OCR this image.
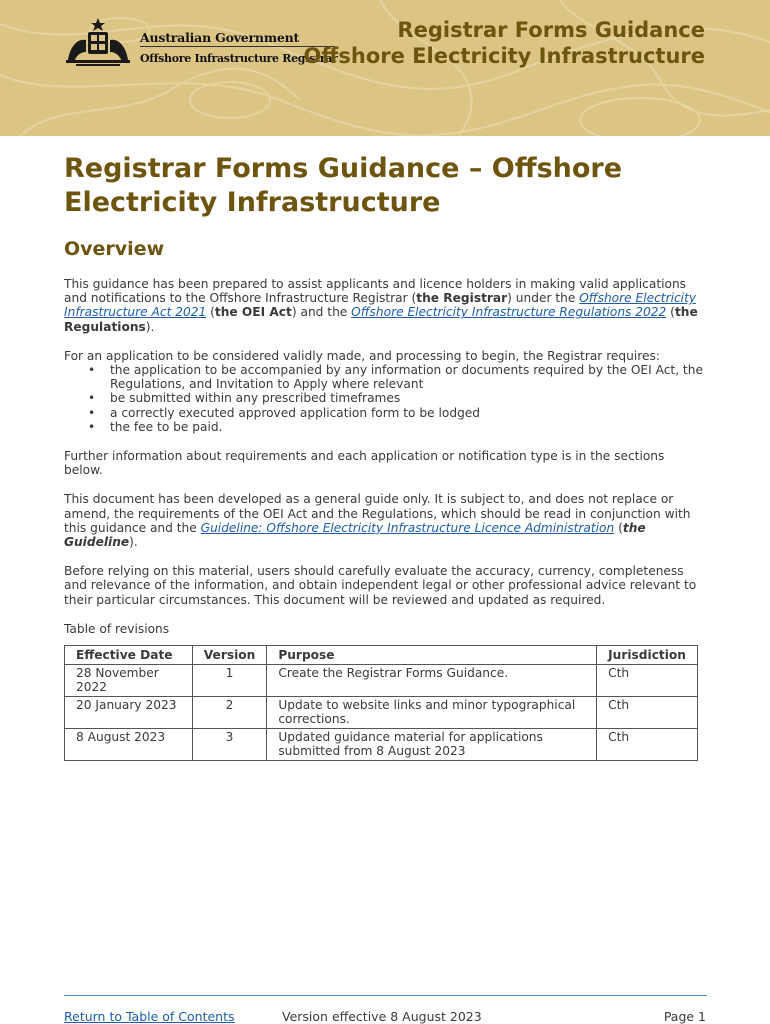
Australian Government
Offshore Infrastructure Registrar
Registrar Forms Guidance
Offshore Electricity Infrastructure
Registrar Forms Guidance – Offshore Electricity Infrastructure
Overview

This guidance has been prepared to assist applicants and licence holders in making valid applications and notifications to the Offshore Infrastructure Registrar (the Registrar) under the Offshore Electricity Infrastructure Act 2021 (the OEI Act) and the Offshore Electricity Infrastructure Regulations 2022 (the Regulations).

For an application to be considered validly made, and processing to begin, the Registrar requires:

• the application to be accompanied by any information or documents required by the OEI Act, the Regulations, and Invitation to Apply where relevant
• be submitted within any prescribed timeframes
• a correctly executed approved application form to be lodged
• the fee to be paid.

Further information about requirements and each application or notification type is in the sections below.

This document has been developed as a general guide only. It is subject to, and does not replace or amend, the requirements of the OEI Act and the Regulations, which should be read in conjunction with this guidance and the Guideline: Offshore Electricity Infrastructure Licence Administration (the Guideline).

Before relying on this material, users should carefully evaluate the accuracy, currency, completeness and relevance of the information, and obtain independent legal or other professional advice relevant to their particular circumstances. This document will be reviewed and updated as required.

Table of revisions

Effective Date	Version	Purpose	Jurisdiction
28 November 2022	1	Create the Registrar Forms Guidance.	Cth
20 January 2023	2	Update to website links and minor typographical corrections.	Cth
8 August 2023	3	Updated guidance material for applications submitted from 8 August 2023	Cth
Return to Table of Contents	Version effective 8 August 2023	Page 1
